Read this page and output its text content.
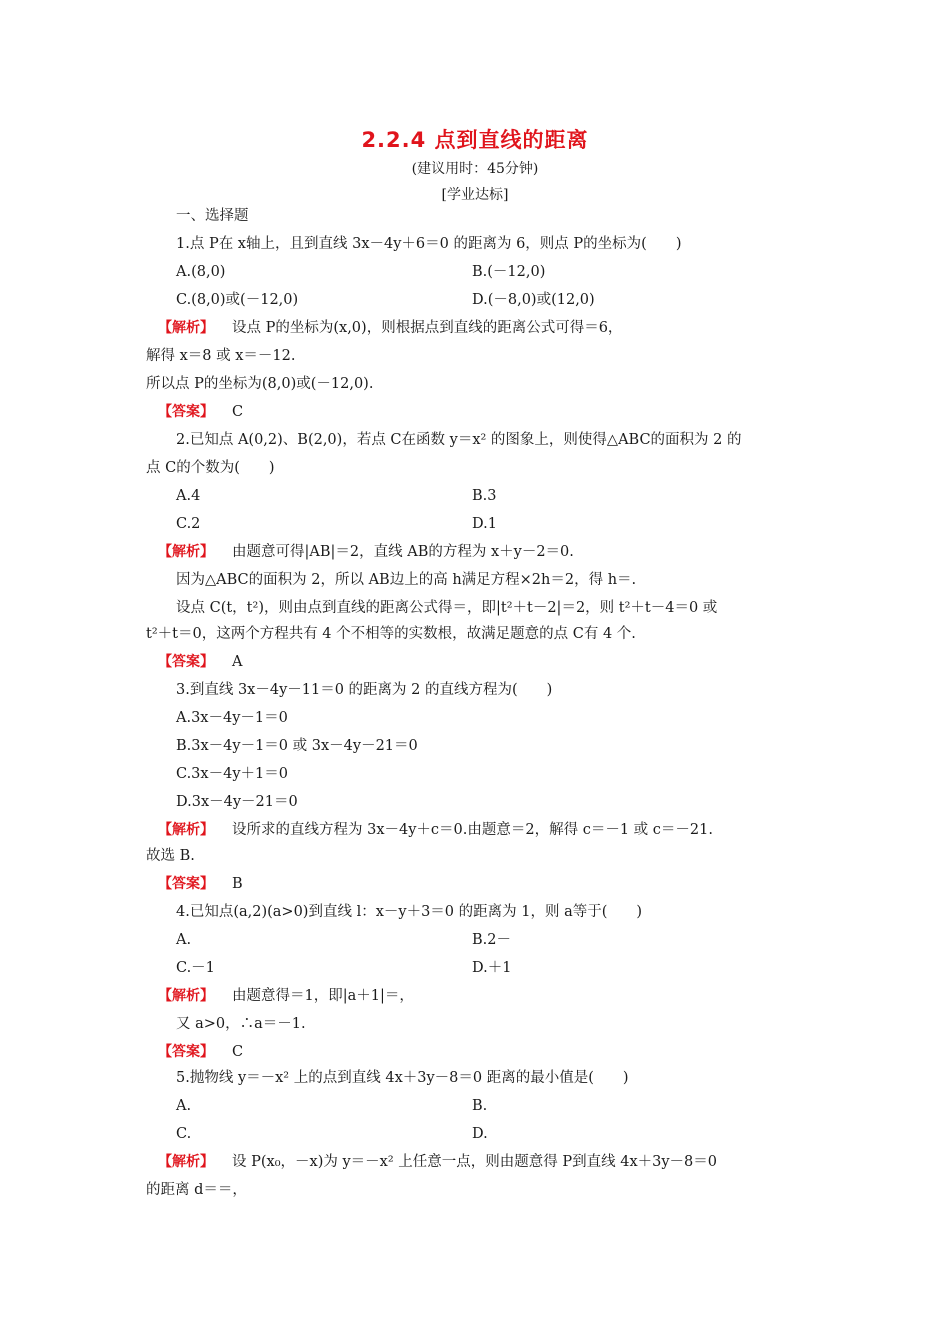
2.2.4 点到直线的距离
(建议用时：45分钟)
[学业达标]
一、选择题
1.点 P在 x轴上，且到直线 3x－4y＋6＝0 的距离为 6，则点 P的坐标为(　　)
A.(8,0)	B.(－12,0)
C.(8,0)或(－12,0)	D.(－8,0)或(12,0)
【解析】 设点 P的坐标为(x,0)，则根据点到直线的距离公式可得＝6，
解得 x＝8 或 x＝－12.
所以点 P的坐标为(8,0)或(－12,0).
【答案】 C
2.已知点 A(0,2)、B(2,0)，若点 C在函数 y＝x² 的图象上，则使得△ABC的面积为 2 的
点 C的个数为(　　)
A.4	B.3
C.2	D.1
【解析】 由题意可得|AB|＝2，直线 AB的方程为 x＋y－2＝0.
因为△ABC的面积为 2，所以 AB边上的高 h满足方程×2h＝2，得 h＝.
设点 C(t，t²)，则由点到直线的距离公式得＝，即|t²＋t－2|＝2，则 t²＋t－4＝0 或
t²＋t＝0，这两个方程共有 4 个不相等的实数根，故满足题意的点 C有 4 个.
【答案】 A
3.到直线 3x－4y－11＝0 的距离为 2 的直线方程为(　　)
A.3x－4y－1＝0
B.3x－4y－1＝0 或 3x－4y－21＝0
C.3x－4y＋1＝0
D.3x－4y－21＝0
【解析】 设所求的直线方程为 3x－4y＋c＝0.由题意＝2，解得 c＝－1 或 c＝－21.
故选 B.
【答案】 B
4.已知点(a,2)(a>0)到直线 l：x－y＋3＝0 的距离为 1，则 a等于(　　)
A.	B.2－
C.－1	D.＋1
【解析】 由题意得＝1，即|a＋1|＝，
又 a>0，∴a＝－1.
【答案】 C
5.抛物线 y＝－x² 上的点到直线 4x＋3y－8＝0 距离的最小值是(　　)
A.	B.
C.	D.
【解析】 设 P(x₀，－x)为 y＝－x² 上任意一点，则由题意得 P到直线 4x＋3y－8＝0
的距离 d＝＝，
